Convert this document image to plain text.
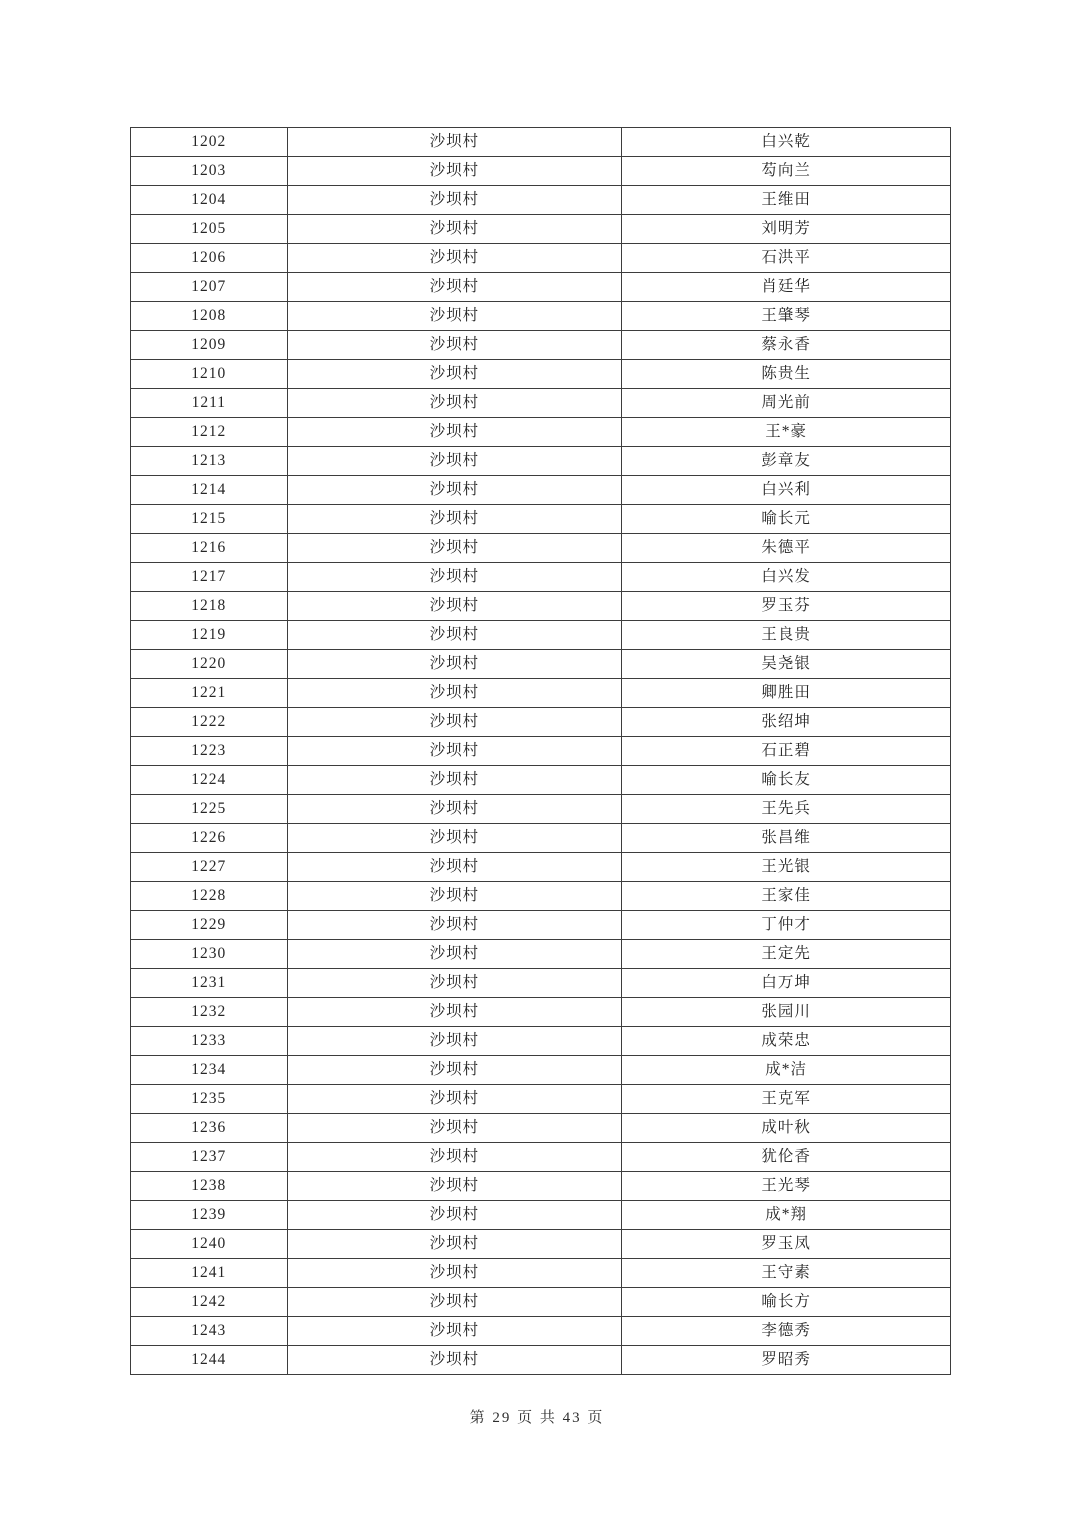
1202	沙坝村	白兴乾
1203	沙坝村	芶向兰
1204	沙坝村	王维田
1205	沙坝村	刘明芳
1206	沙坝村	石洪平
1207	沙坝村	肖廷华
1208	沙坝村	王肇琴
1209	沙坝村	蔡永香
1210	沙坝村	陈贵生
1211	沙坝村	周光前
1212	沙坝村	王*豪
1213	沙坝村	彭章友
1214	沙坝村	白兴利
1215	沙坝村	喻长元
1216	沙坝村	朱德平
1217	沙坝村	白兴发
1218	沙坝村	罗玉芬
1219	沙坝村	王良贵
1220	沙坝村	吴尧银
1221	沙坝村	卿胜田
1222	沙坝村	张绍坤
1223	沙坝村	石正碧
1224	沙坝村	喻长友
1225	沙坝村	王先兵
1226	沙坝村	张昌维
1227	沙坝村	王光银
1228	沙坝村	王家佳
1229	沙坝村	丁仲才
1230	沙坝村	王定先
1231	沙坝村	白万坤
1232	沙坝村	张园川
1233	沙坝村	成荣忠
1234	沙坝村	成*洁
1235	沙坝村	王克军
1236	沙坝村	成叶秋
1237	沙坝村	犹伦香
1238	沙坝村	王光琴
1239	沙坝村	成*翔
1240	沙坝村	罗玉凤
1241	沙坝村	王守素
1242	沙坝村	喻长方
1243	沙坝村	李德秀
1244	沙坝村	罗昭秀
第 29 页 共 43 页
